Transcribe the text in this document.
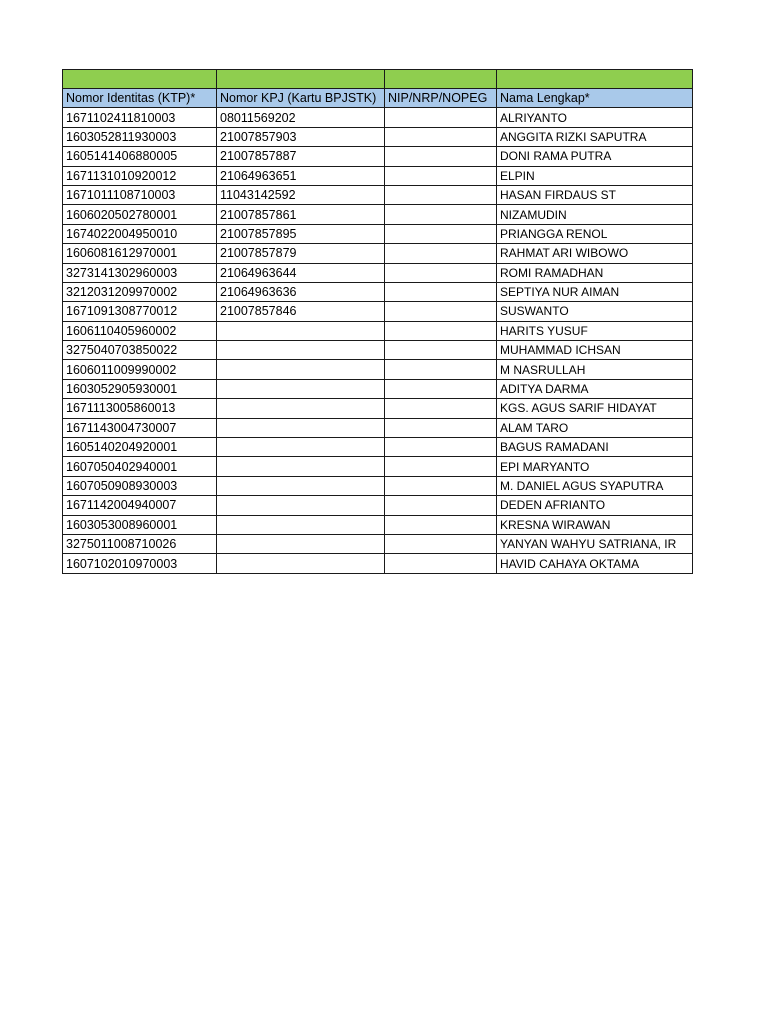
Nomor Identitas (KTP)*	Nomor KPJ (Kartu BPJSTK)	NIP/NRP/NOPEG	Nama Lengkap*
1671102411810003	08011569202		ALRIYANTO
1603052811930003	21007857903		ANGGITA RIZKI SAPUTRA
1605141406880005	21007857887		DONI RAMA PUTRA
1671131010920012	21064963651		ELPIN
1671011108710003	11043142592		HASAN FIRDAUS ST
1606020502780001	21007857861		NIZAMUDIN
1674022004950010	21007857895		PRIANGGA RENOL
1606081612970001	21007857879		RAHMAT ARI WIBOWO
3273141302960003	21064963644		ROMI RAMADHAN
3212031209970002	21064963636		SEPTIYA NUR AIMAN
1671091308770012	21007857846		SUSWANTO
1606110405960002			HARITS YUSUF
3275040703850022			MUHAMMAD ICHSAN
1606011009990002			M NASRULLAH
1603052905930001			ADITYA DARMA
1671113005860013			KGS. AGUS SARIF HIDAYAT
1671143004730007			ALAM TARO
1605140204920001			BAGUS RAMADANI
1607050402940001			EPI MARYANTO
1607050908930003			M. DANIEL AGUS SYAPUTRA
1671142004940007			DEDEN AFRIANTO
1603053008960001			KRESNA WIRAWAN
3275011008710026			YANYAN WAHYU SATRIANA, IR
1607102010970003			HAVID CAHAYA OKTAMA
